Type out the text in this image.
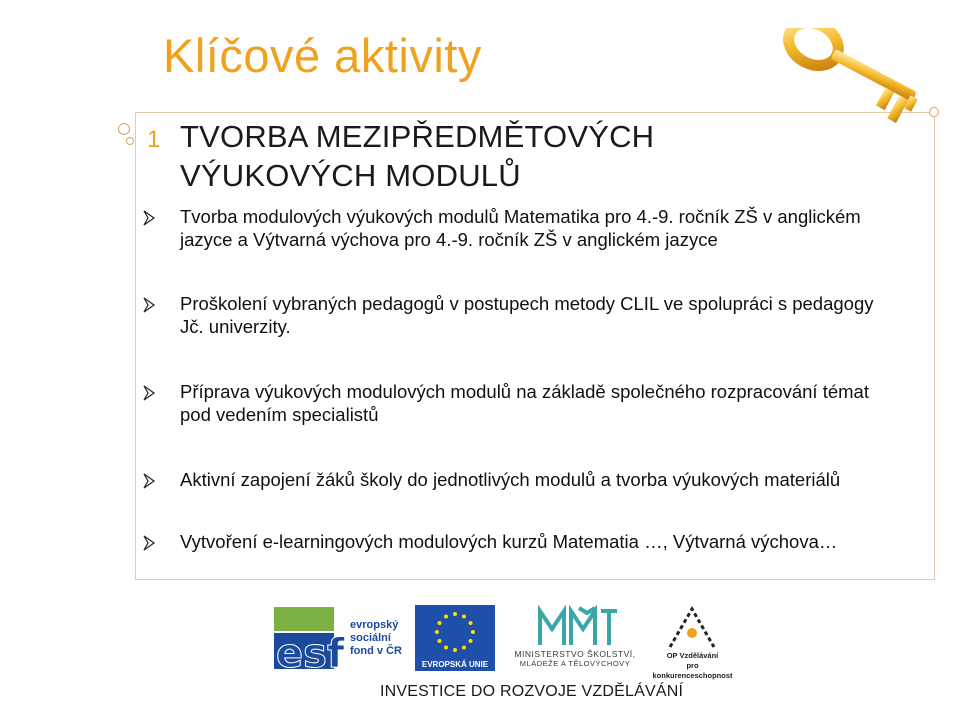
Klíčové aktivity
1 TVORBA MEZIPŘEDMĚTOVÝCH
VÝUKOVÝCH MODULŮ
Tvorba modulových výukových modulů Matematika pro 4.-9. ročník ZŠ v anglickém
jazyce a Výtvarná výchova pro 4.-9. ročník ZŠ v anglickém jazyce
Proškolení vybraných pedagogů v postupech metody CLIL ve spolupráci s pedagogy
Jč. univerzity.
Příprava výukových modulových modulů na základě společného rozpracování témat
pod vedením specialistů
Aktivní zapojení žáků školy do jednotlivých modulů a tvorba výukových materiálů
Vytvoření e-learningových modulových kurzů Matematia …, Výtvarná výchova…
esf
evropský
sociální
fond v ČR
EVROPSKÁ UNIE
MINISTERSTVO ŠKOLSTVÍ,
MLÁDEŽE A TĚLOVÝCHOVY
OP Vzdělávání
pro konkurenceschopnost
INVESTICE DO ROZVOJE VZDĚLÁVÁNÍ
